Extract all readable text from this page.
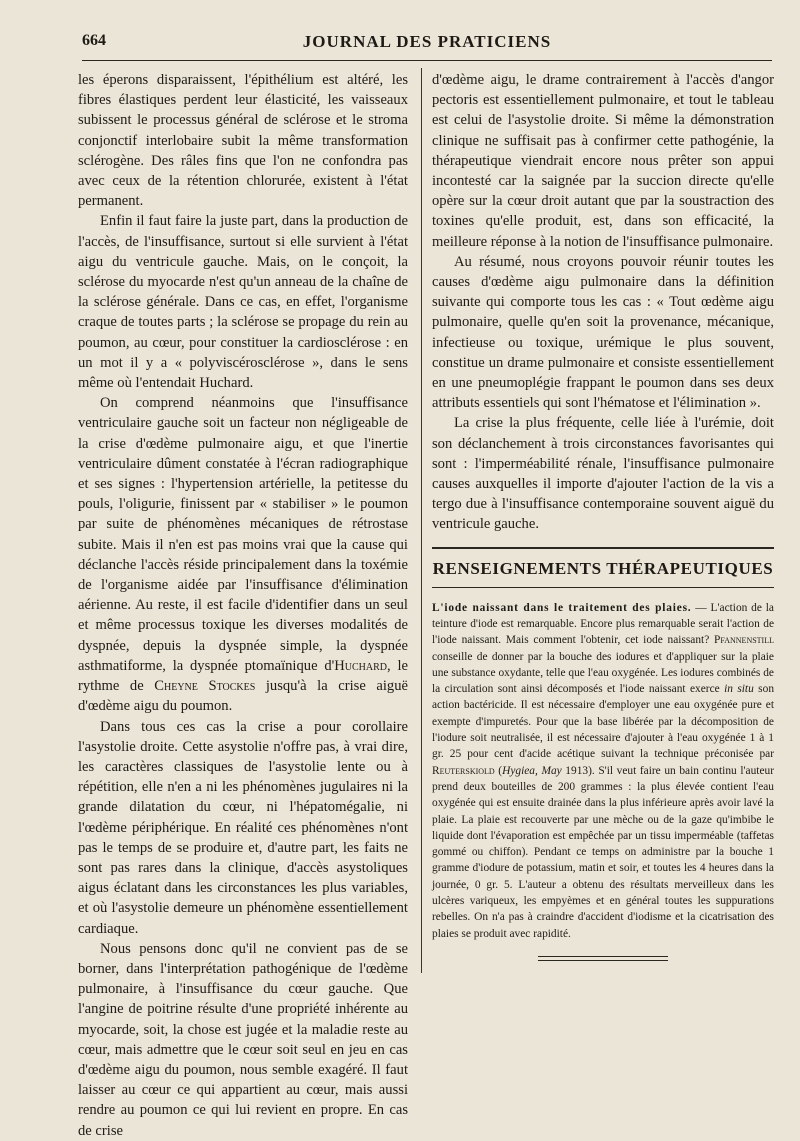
664	JOURNAL DES PRATICIENS

les éperons disparaissent, l'épithélium est altéré, les fibres élastiques perdent leur élasticité, les vaisseaux subissent le processus général de sclérose et le stroma conjonctif interlobaire subit la même transformation sclérogène. Des râles fins que l'on ne confondra pas avec ceux de la rétention chlorurée, existent à l'état permanent.

Enfin il faut faire la juste part, dans la production de l'accès, de l'insuffisance, surtout si elle survient à l'état aigu du ventricule gauche. Mais, on le conçoit, la sclérose du myocarde n'est qu'un anneau de la chaîne de la sclérose générale. Dans ce cas, en effet, l'organisme craque de toutes parts ; la sclérose se propage du rein au poumon, au cœur, pour constituer la cardiosclérose : en un mot il y a « polyviscérosclérose », dans le sens même où l'entendait Huchard.

On comprend néanmoins que l'insuffisance ventriculaire gauche soit un facteur non négligeable de la crise d'œdème pulmonaire aigu, et que l'inertie ventriculaire dûment constatée à l'écran radiographique et ses signes : l'hypertension artérielle, la petitesse du pouls, l'oligurie, finissent par « stabiliser » le poumon par suite de phénomènes mécaniques de rétrostase subite. Mais il n'en est pas moins vrai que la cause qui déclanche l'accès réside principalement dans la toxémie de l'organisme aidée par l'insuffisance d'élimination aérienne. Au reste, il est facile d'identifier dans un seul et même processus toxique les diverses modalités de dyspnée, depuis la dyspnée simple, la dyspnée asthmatiforme, la dyspnée ptomaïnique d'Huchard, le rythme de Cheyne Stockes jusqu'à la crise aiguë d'œdème aigu du poumon.

Dans tous ces cas la crise a pour corollaire l'asystolie droite. Cette asystolie n'offre pas, à vrai dire, les caractères classiques de l'asystolie lente ou à répétition, elle n'en a ni les phénomènes jugulaires ni la grande dilatation du cœur, ni l'hépatomégalie, ni l'œdème périphérique. En réalité ces phénomènes n'ont pas le temps de se produire et, d'autre part, les faits ne sont pas rares dans la clinique, d'accès asystoliques aigus éclatant dans les circonstances les plus variables, et où l'asystolie demeure un phénomène essentiellement cardiaque.

Nous pensons donc qu'il ne convient pas de se borner, dans l'interprétation pathogénique de l'œdème pulmonaire, à l'insuffisance du cœur gauche. Que l'angine de poitrine résulte d'une propriété inhérente au myocarde, soit, la chose est jugée et la maladie reste au cœur, mais admettre que le cœur soit seul en jeu en cas d'œdème aigu du poumon, nous semble exagéré. Il faut laisser au cœur ce qui appartient au cœur, mais aussi rendre au poumon ce qui lui revient en propre. En cas de crise

d'œdème aigu, le drame contrairement à l'accès d'angor pectoris est essentiellement pulmonaire, et tout le tableau est celui de l'asystolie droite. Si même la démonstration clinique ne suffisait pas à confirmer cette pathogénie, la thérapeutique viendrait encore nous prêter son appui incontesté car la saignée par la succion directe qu'elle opère sur la cœur droit autant que par la soustraction des toxines qu'elle produit, est, dans son efficacité, la meilleure réponse à la notion de l'insuffisance pulmonaire.

Au résumé, nous croyons pouvoir réunir toutes les causes d'œdème aigu pulmonaire dans la définition suivante qui comporte tous les cas : « Tout œdème aigu pulmonaire, quelle qu'en soit la provenance, mécanique, infectieuse ou toxique, urémique le plus souvent, constitue un drame pulmonaire et consiste essentiellement en une pneumoplégie frappant le poumon dans ses deux attributs essentiels qui sont l'hématose et l'élimination ».

La crise la plus fréquente, celle liée à l'urémie, doit son déclanchement à trois circonstances favorisantes qui sont : l'imperméabilité rénale, l'insuffisance pulmonaire causes auxquelles il importe d'ajouter l'action de la vis a tergo due à l'insuffisance contemporaine souvent aiguë du ventricule gauche.

RENSEIGNEMENTS THÉRAPEUTIQUES

L'iode naissant dans le traitement des plaies. — L'action de la teinture d'iode est remarquable. Encore plus remarquable serait l'action de l'iode naissant. Mais comment l'obtenir, cet iode naissant? Pfannenstill conseille de donner par la bouche des iodures et d'appliquer sur la plaie une substance oxydante, telle que l'eau oxygénée. Les iodures combinés de la circulation sont ainsi décomposés et l'iode naissant exerce in situ son action bactéricide. Il est nécessaire d'employer une eau oxygénée pure et exempte d'impuretés. Pour que la base libérée par la décomposition de l'iodure soit neutralisée, il est nécessaire d'ajouter à l'eau oxygénée 1 à 1 gr. 25 pour cent d'acide acétique suivant la technique préconisée par Reuterskiold (Hygiea, May 1913). S'il veut faire un bain continu l'auteur prend deux bouteilles de 200 grammes : la plus élevée contient l'eau oxygénée qui est ensuite drainée dans la plus inférieure après avoir lavé la plaie. La plaie est recouverte par une mèche ou de la gaze qu'imbibe le liquide dont l'évaporation est empêchée par un tissu imperméable (taffetas gommé ou chiffon). Pendant ce temps on administre par la bouche 1 gramme d'iodure de potassium, matin et soir, et toutes les 4 heures dans la journée, 0 gr. 5. L'auteur a obtenu des résultats merveilleux dans les ulcères variqueux, les empyèmes et en général toutes les suppurations rebelles. On n'a pas à craindre d'accident d'iodisme et la cicatrisation des plaies se produit avec rapidité.
